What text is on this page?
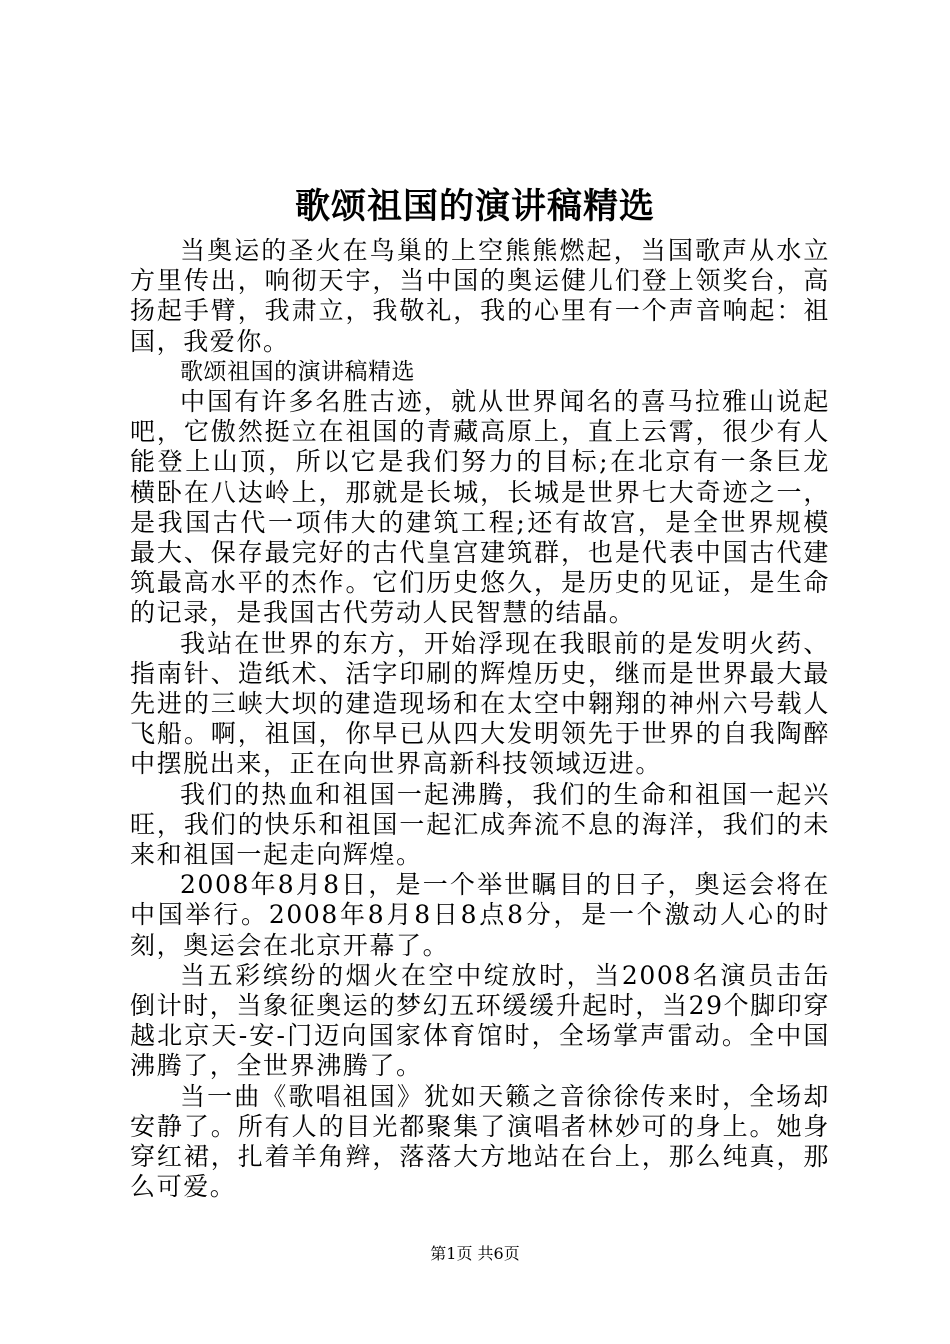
歌颂祖国的演讲稿精选

当奥运的圣火在鸟巢的上空熊熊燃起，当国歌声从水立方里传出，响彻天宇，当中国的奥运健儿们登上领奖台，高扬起手臂，我肃立，我敬礼，我的心里有一个声音响起：祖国，我爱你。

歌颂祖国的演讲稿精选

中国有许多名胜古迹，就从世界闻名的喜马拉雅山说起吧，它傲然挺立在祖国的青藏高原上，直上云霄，很少有人能登上山顶，所以它是我们努力的目标;在北京有一条巨龙横卧在八达岭上，那就是长城，长城是世界七大奇迹之一，是我国古代一项伟大的建筑工程;还有故宫，是全世界规模最大、保存最完好的古代皇宫建筑群，也是代表中国古代建筑最高水平的杰作。它们历史悠久，是历史的见证，是生命的记录，是我国古代劳动人民智慧的结晶。

我站在世界的东方，开始浮现在我眼前的是发明火药、指南针、造纸术、活字印刷的辉煌历史，继而是世界最大最先进的三峡大坝的建造现场和在太空中翱翔的神州六号载人飞船。啊，祖国，你早已从四大发明领先于世界的自我陶醉中摆脱出来，正在向世界高新科技领域迈进。

我们的热血和祖国一起沸腾，我们的生命和祖国一起兴旺，我们的快乐和祖国一起汇成奔流不息的海洋，我们的未来和祖国一起走向辉煌。

2008年8月8日，是一个举世瞩目的日子，奥运会将在中国举行。2008年8月8日8点8分，是一个激动人心的时刻，奥运会在北京开幕了。

当五彩缤纷的烟火在空中绽放时，当2008名演员击缶倒计时，当象征奥运的梦幻五环缓缓升起时，当29个脚印穿越北京天-安-门迈向国家体育馆时，全场掌声雷动。全中国沸腾了，全世界沸腾了。

当一曲《歌唱祖国》犹如天籁之音徐徐传来时，全场却安静了。所有人的目光都聚集了演唱者林妙可的身上。她身穿红裙，扎着羊角辫，落落大方地站在台上，那么纯真，那么可爱。

第1页 共6页
